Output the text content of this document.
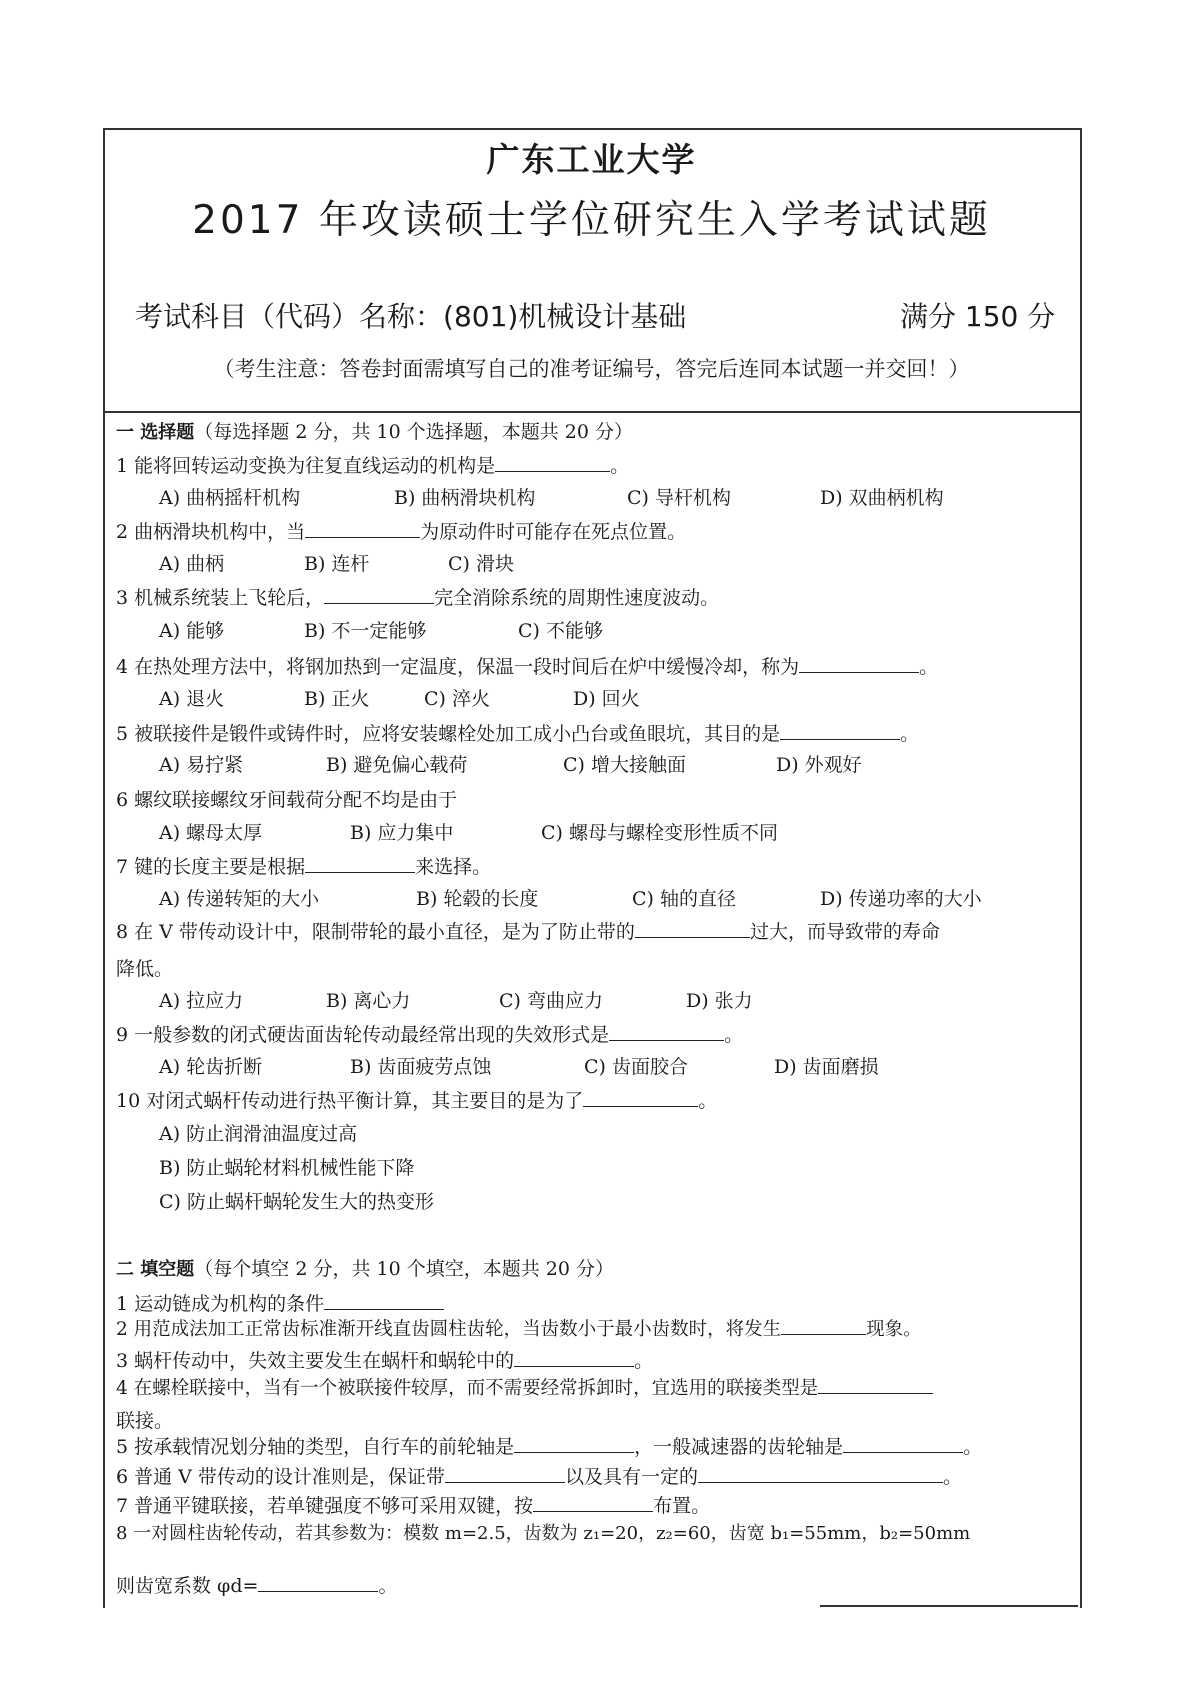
广东工业大学
2017 年攻读硕士学位研究生入学考试试题
考试科目（代码）名称：(801)机械设计基础	满分 150 分
（考生注意：答卷封面需填写自己的准考证编号，答完后连同本试题一并交回！）
一 选择题（每选择题 2 分，共 10 个选择题，本题共 20 分）
1 能将回转运动变换为往复直线运动的机构是	。
A) 曲柄摇杆机构	B) 曲柄滑块机构	C) 导杆机构	D) 双曲柄机构
2 曲柄滑块机构中，当	为原动件时可能存在死点位置。
A) 曲柄	B) 连杆	C) 滑块
3 机械系统装上飞轮后，	完全消除系统的周期性速度波动。
A) 能够	B) 不一定能够	C) 不能够
4 在热处理方法中，将钢加热到一定温度，保温一段时间后在炉中缓慢冷却，称为	。
A) 退火	B) 正火	C) 淬火	D) 回火
5 被联接件是锻件或铸件时，应将安装螺栓处加工成小凸台或鱼眼坑，其目的是	。
A) 易拧紧	B) 避免偏心载荷	C) 增大接触面	D) 外观好
6 螺纹联接螺纹牙间载荷分配不均是由于
A) 螺母太厚	B) 应力集中	C) 螺母与螺栓变形性质不同
7 键的长度主要是根据	来选择。
A) 传递转矩的大小	B) 轮毂的长度	C) 轴的直径	D) 传递功率的大小
8 在 V 带传动设计中，限制带轮的最小直径，是为了防止带的	过大，而导致带的寿命
降低。
A) 拉应力	B) 离心力	C) 弯曲应力	D) 张力
9 一般参数的闭式硬齿面齿轮传动最经常出现的失效形式是	。
A) 轮齿折断	B) 齿面疲劳点蚀	C) 齿面胶合	D) 齿面磨损
10 对闭式蜗杆传动进行热平衡计算，其主要目的是为了	。
A) 防止润滑油温度过高
B) 防止蜗轮材料机械性能下降
C) 防止蜗杆蜗轮发生大的热变形
二 填空题（每个填空 2 分，共 10 个填空，本题共 20 分）
1 运动链成为机构的条件
2 用范成法加工正常齿标准渐开线直齿圆柱齿轮，当齿数小于最小齿数时，将发生	现象。
3 蜗杆传动中，失效主要发生在蜗杆和蜗轮中的	。
4 在螺栓联接中，当有一个被联接件较厚，而不需要经常拆卸时，宜选用的联接类型是
联接。
5 按承载情况划分轴的类型，自行车的前轮轴是	，一般减速器的齿轮轴是	。
6 普通 V 带传动的设计准则是，保证带	以及具有一定的	。
7 普通平键联接，若单键强度不够可采用双键，按	布置。
8 一对圆柱齿轮传动，若其参数为：模数 m=2.5，齿数为 z₁=20，z₂=60，齿宽 b₁=55mm，b₂=50mm
则齿宽系数 φd=	。
